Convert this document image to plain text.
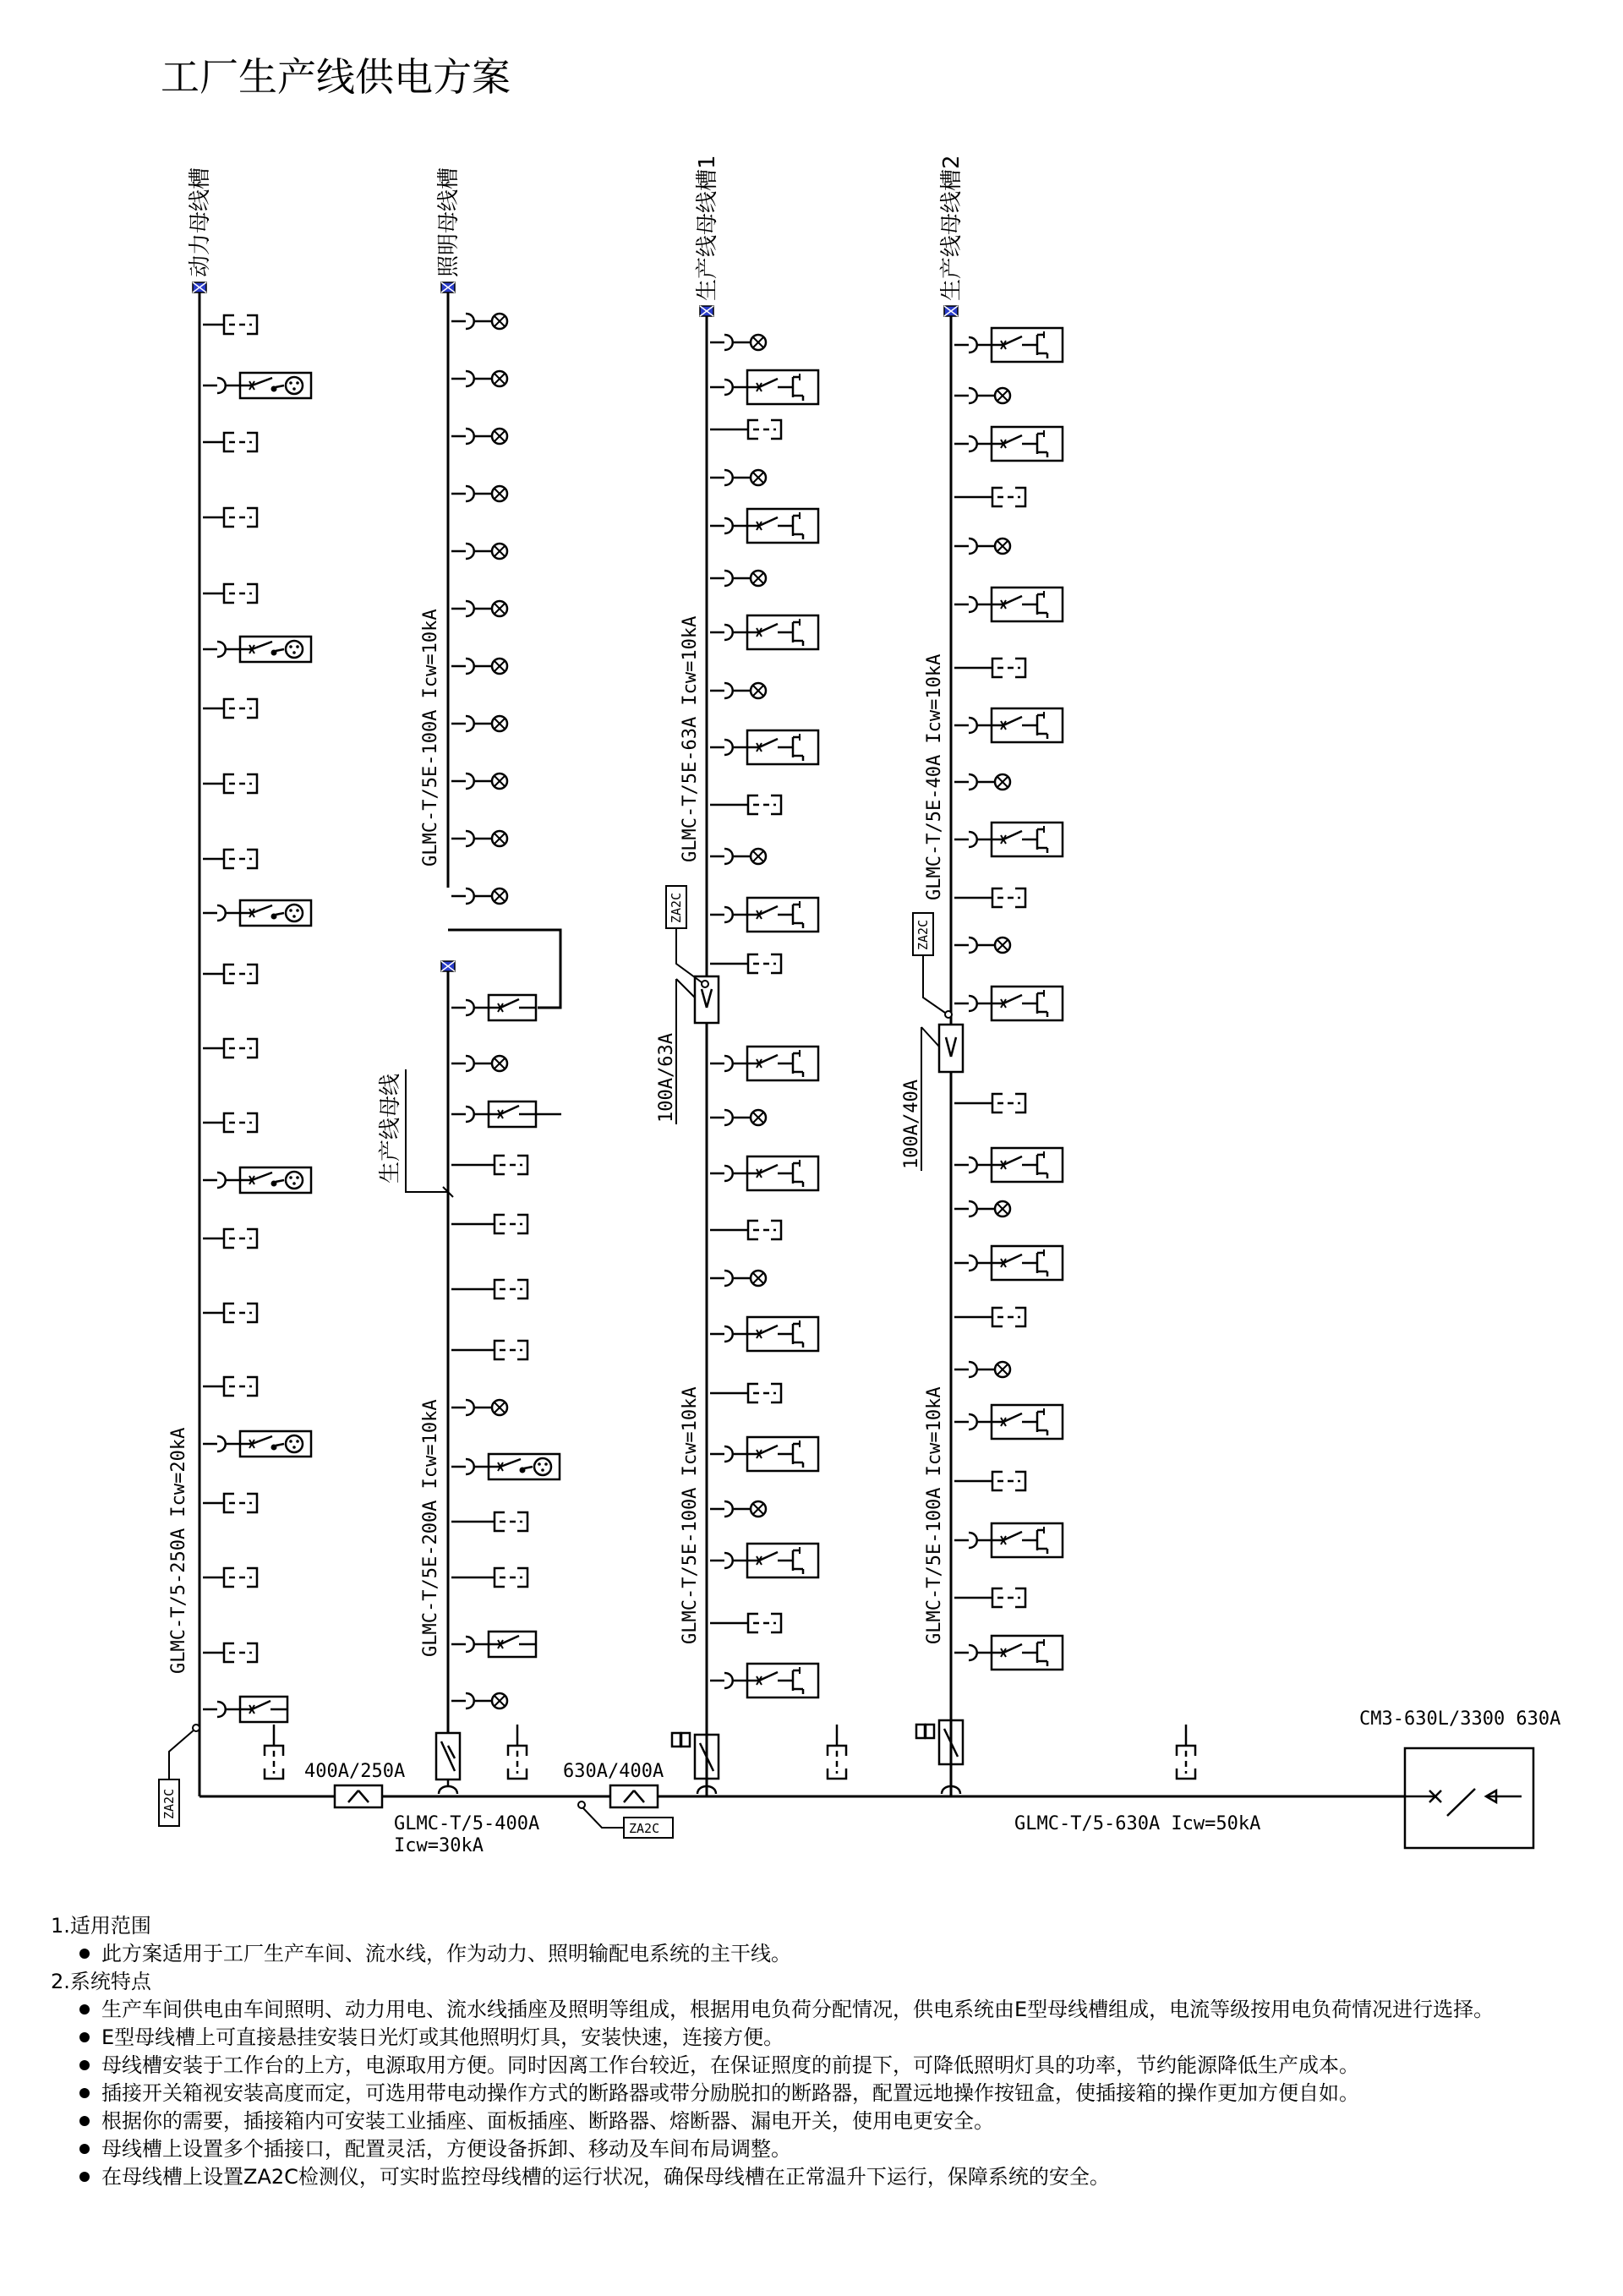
工厂生产线供电方案
动力母线槽	照明母线槽	生产线母线槽1	生产线母线槽2
GLMC-T/5-250A Icw=20kA
GLMC-T/5E-100A Icw=10kA
GLMC-T/5E-200A Icw=10kA
GLMC-T/5E-63A Icw=10kA
GLMC-T/5E-100A Icw=10kA
GLMC-T/5E-40A Icw=10kA
GLMC-T/5E-100A Icw=10kA
生产线母线	100A/63A
100A/40A
ZA2C
ZA2C
ZA2C
ZA2C
400A/250A	630A/400A
GLMC-T/5-400A
Icw=30kA
GLMC-T/5-630A Icw=50kA
CM3-630L/3300 630A

1.适用范围

此方案适用于工厂生产车间、流水线，作为动力、照明输配电系统的主干线。

2.系统特点

生产车间供电由车间照明、动力用电、流水线插座及照明等组成，根据用电负荷分配情况，供电系统由E型母线槽组成，电流等级按用电负荷情况进行选择。

E型母线槽上可直接悬挂安装日光灯或其他照明灯具，安装快速，连接方便。

母线槽安装于工作台的上方，电源取用方便。同时因离工作台较近，在保证照度的前提下，可降低照明灯具的功率，节约能源降低生产成本。

插接开关箱视安装高度而定，可选用带电动操作方式的断路器或带分励脱扣的断路器，配置远地操作按钮盒，使插接箱的操作更加方便自如。

根据你的需要，插接箱内可安装工业插座、面板插座、断路器、熔断器、漏电开关，使用电更安全。

母线槽上设置多个插接口，配置灵活，方便设备拆卸、移动及车间布局调整。

在母线槽上设置ZA2C检测仪，可实时监控母线槽的运行状况，确保母线槽在正常温升下运行，保障系统的安全。
